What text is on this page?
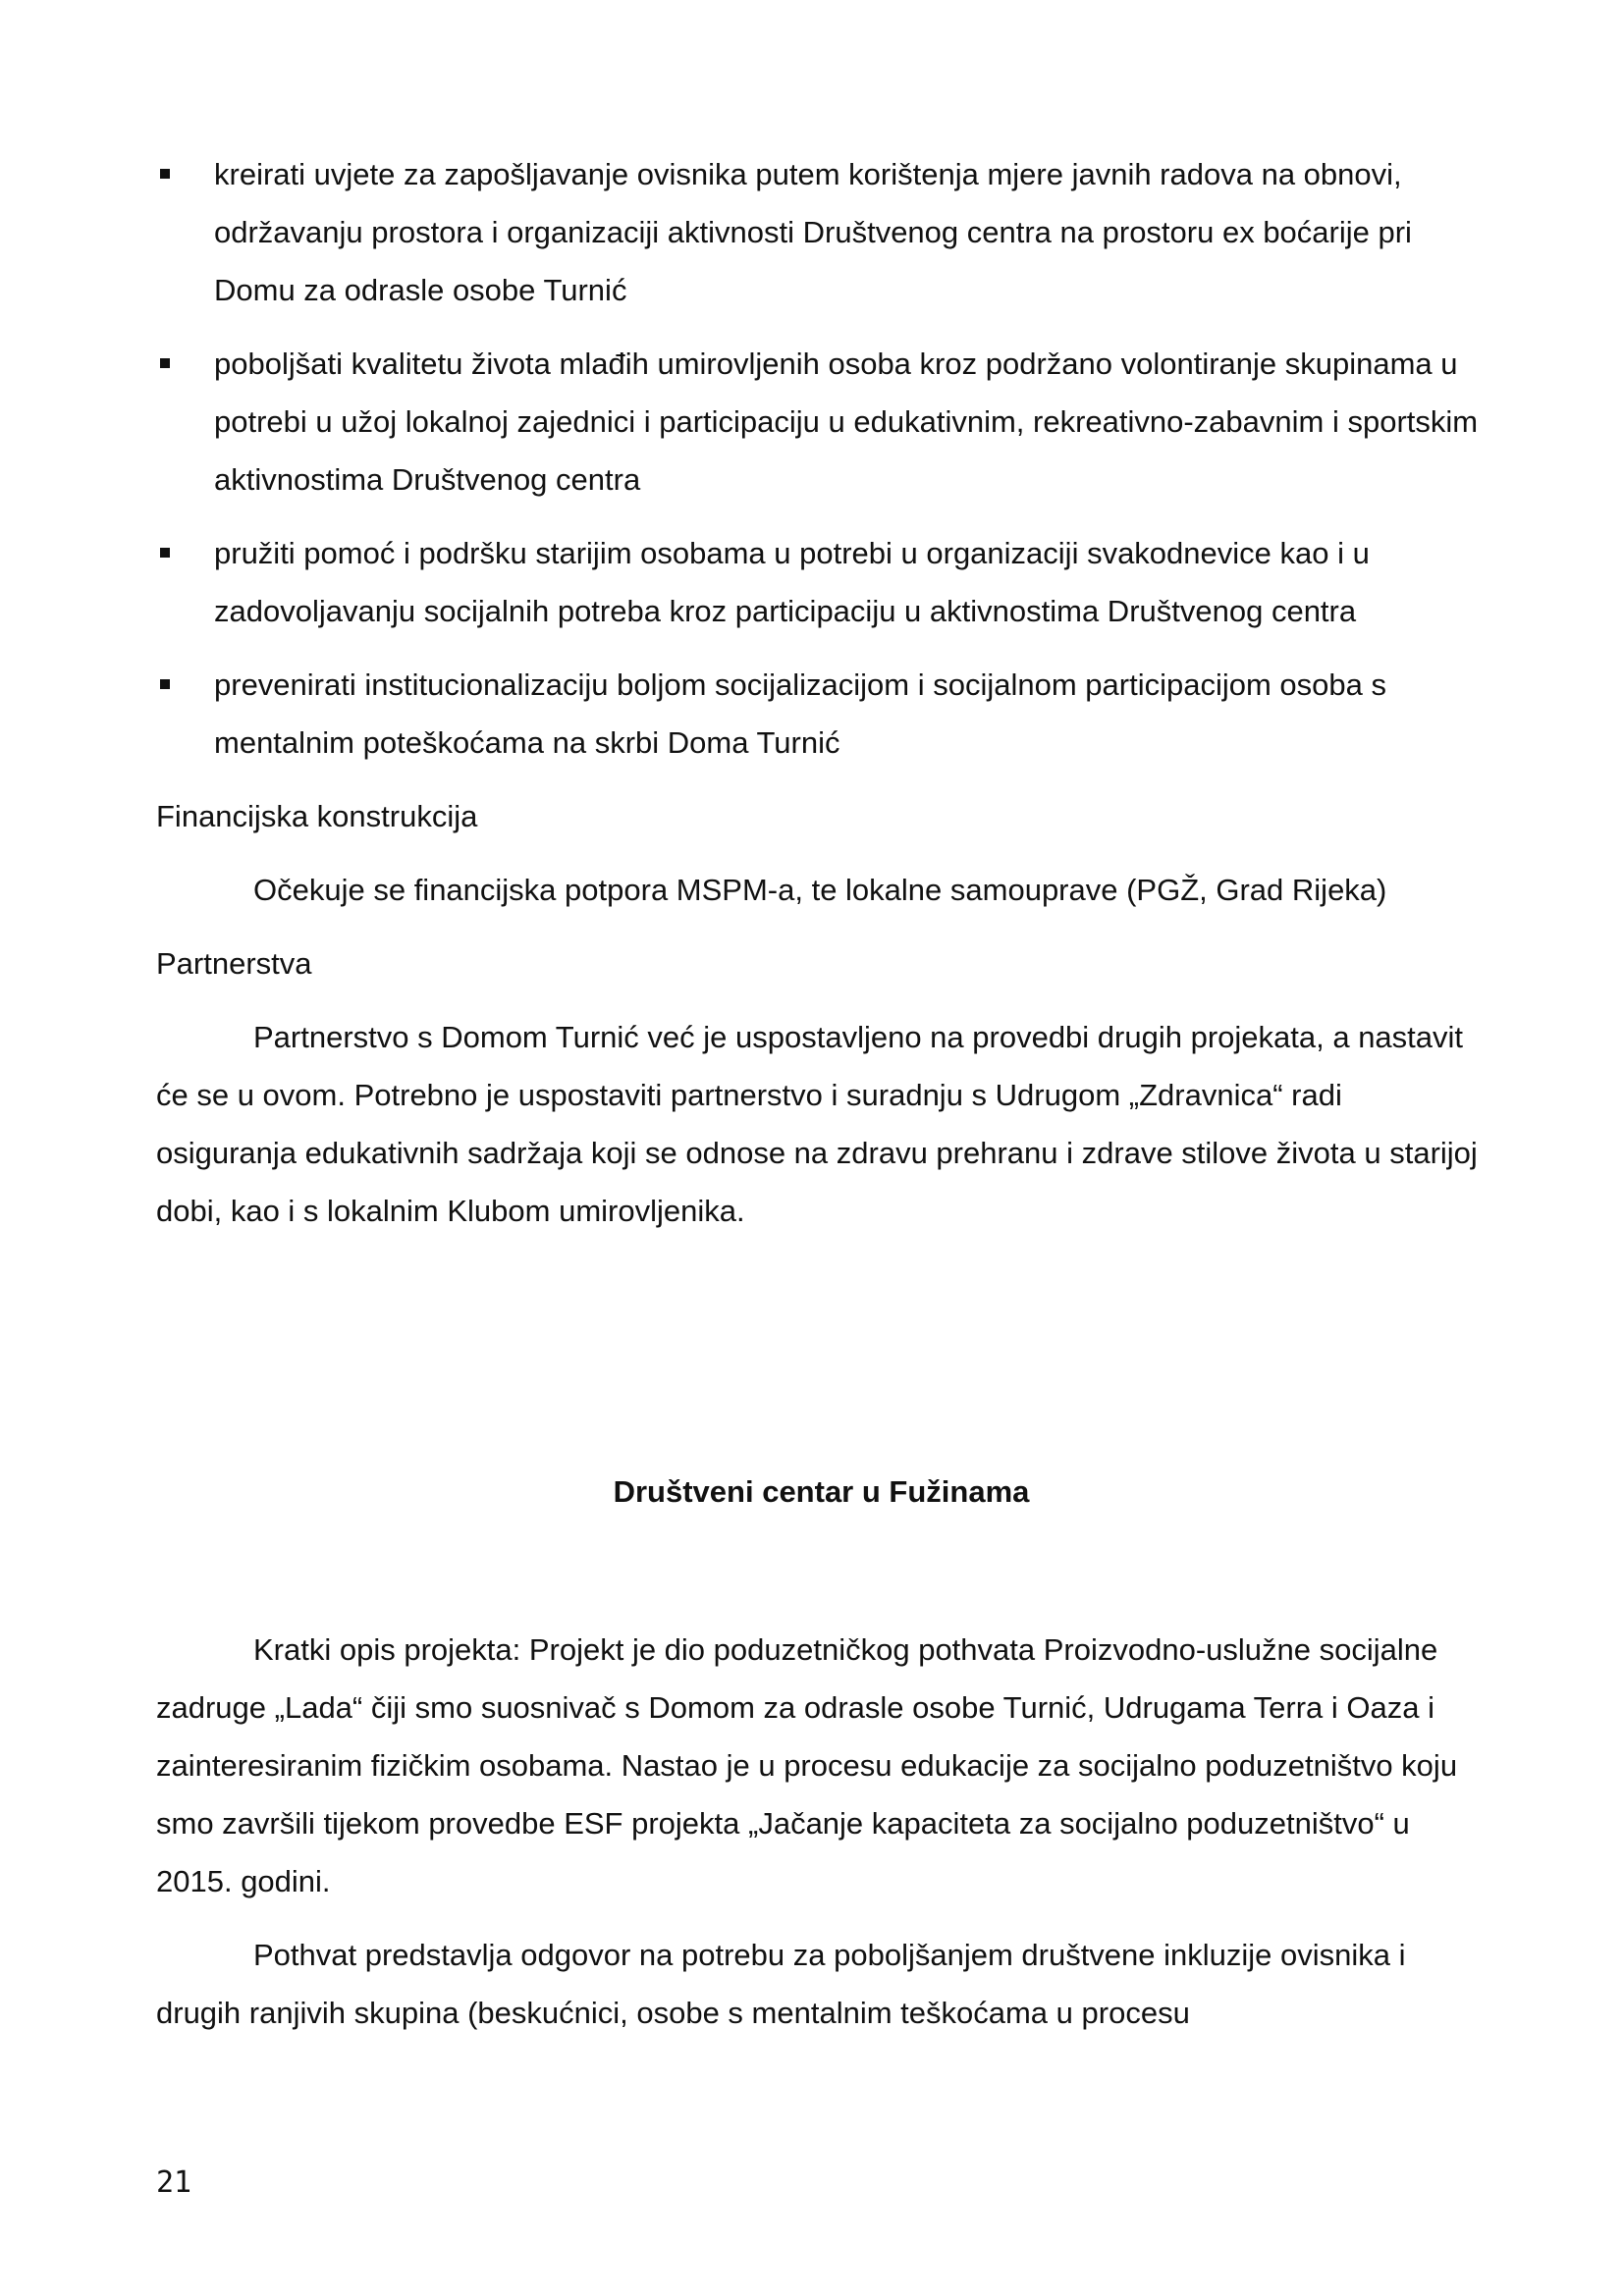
kreirati uvjete za zapošljavanje ovisnika putem korištenja mjere javnih radova na obnovi, održavanju prostora i organizaciji aktivnosti Društvenog centra na prostoru ex boćarije pri Domu za odrasle osobe Turnić
poboljšati kvalitetu života mlađih umirovljenih osoba kroz podržano volontiranje skupinama u potrebi u užoj lokalnoj zajednici i participaciju u edukativnim, rekreativno-zabavnim i sportskim aktivnostima Društvenog centra
pružiti pomoć i podršku starijim osobama u potrebi u organizaciji svakodnevice kao i u zadovoljavanju socijalnih potreba kroz participaciju u aktivnostima Društvenog centra
prevenirati institucionalizaciju boljom socijalizacijom i socijalnom participacijom osoba s mentalnim poteškoćama na skrbi Doma Turnić

Financijska konstrukcija

Očekuje se financijska potpora MSPM-a, te lokalne samouprave (PGŽ, Grad Rijeka)

Partnerstva

Partnerstvo s Domom Turnić već je uspostavljeno na provedbi drugih projekata, a nastavit će se u ovom. Potrebno je uspostaviti partnerstvo i suradnju s Udrugom „Zdravnica“ radi osiguranja edukativnih sadržaja koji se odnose na zdravu prehranu i zdrave stilove života u starijoj dobi, kao i s lokalnim Klubom umirovljenika.

Društveni centar u Fužinama

Kratki opis projekta: Projekt je dio poduzetničkog pothvata Proizvodno-uslužne socijalne zadruge „Lada“ čiji smo suosnivač s Domom za odrasle osobe Turnić, Udrugama Terra i Oaza i zainteresiranim fizičkim osobama. Nastao je u procesu edukacije za socijalno poduzetništvo koju smo završili tijekom provedbe ESF projekta „Jačanje kapaciteta za socijalno poduzetništvo“ u 2015. godini.

Pothvat predstavlja odgovor na potrebu za poboljšanjem društvene inkluzije ovisnika i drugih ranjivih skupina (beskućnici, osobe s mentalnim teškoćama u procesu

21
